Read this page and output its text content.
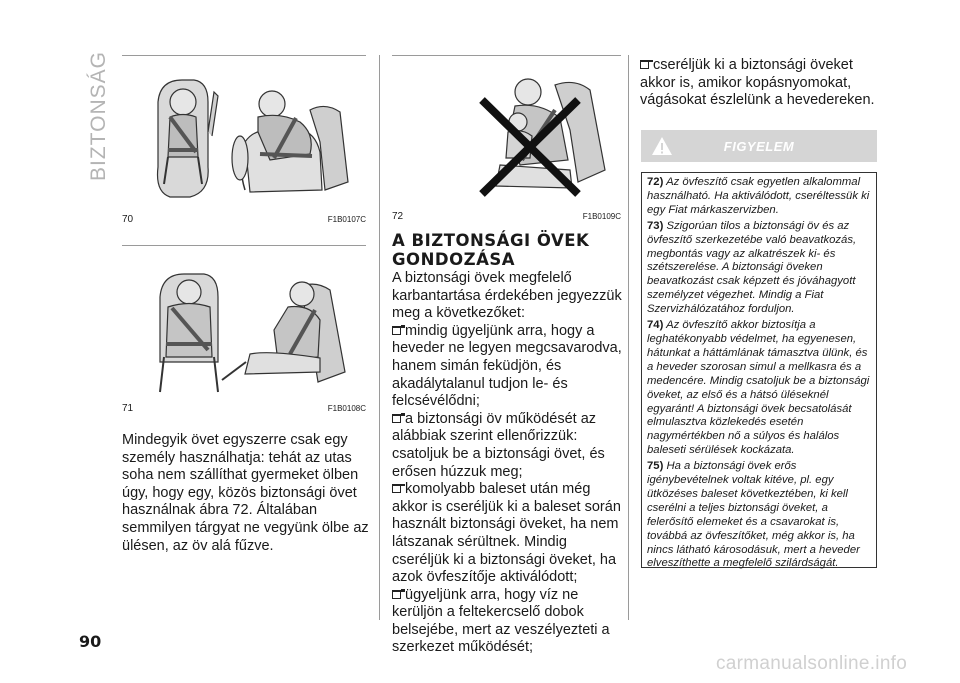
BIZTONSÁG
70	F1B0107C
71	F1B0108C

Mindegyik övet egyszerre csak egy személy használhatja: tehát az utas soha nem szállíthat gyermeket ölben úgy, hogy egy, közös biztonsági övet használnak ábra 72. Általában semmilyen tárgyat ne vegyünk ölbe az ülésen, az öv alá fűzve.

72	F1B0109C
A BIZTONSÁGI ÖVEK
GONDOZÁSA

A biztonsági övek megfelelő karbantartása érdekében jegyezzük meg a következőket:

mindig ügyeljünk arra, hogy a heveder ne legyen megcsavarodva, hanem simán feküdjön, és akadálytalanul tudjon le- és felcsévélődni;

a biztonsági öv működését az alábbiak szerint ellenőrizzük: csatoljuk be a biztonsági övet, és erősen húzzuk meg;

komolyabb baleset után még akkor is cseréljük ki a baleset során használt biztonsági öveket, ha nem látszanak sérültnek. Mindig cseréljük ki a biztonsági öveket, ha azok övfeszítője aktiválódott;

ügyeljünk arra, hogy víz ne kerüljön a feltekercselő dobok belsejébe, mert az veszélyezteti a szerkezet működését;

cseréljük ki a biztonsági öveket akkor is, amikor kopásnyomokat, vágásokat észlelünk a hevedereken.

FIGYELEM

72) Az övfeszítő csak egyetlen alkalommal használható. Ha aktiválódott, cseréltessük ki egy Fiat márkaszervizben.

73) Szigorúan tilos a biztonsági öv és az övfeszítő szerkezetébe való beavatkozás, megbontás vagy az alkatrészek ki- és szétszerelése. A biztonsági öveken beavatkozást csak képzett és jóváhagyott személyzet végezhet. Mindig a Fiat Szervizhálózatához forduljon.

74) Az övfeszítő akkor biztosítja a leghatékonyabb védelmet, ha egyenesen, hátunkat a háttámlának támasztva ülünk, és a heveder szorosan simul a mellkasra és a medencére. Mindig csatoljuk be a biztonsági öveket, az első és a hátsó üléseknél egyaránt! A biztonsági övek becsatolását elmulasztva közlekedés esetén nagymértékben nő a súlyos és halálos baleseti sérülések kockázata.

75) Ha a biztonsági övek erős igénybevételnek voltak kitéve, pl. egy ütközéses baleset következtében, ki kell cserélni a teljes biztonsági öveket, a felerősítő elemeket és a csavarokat is, továbbá az övfeszítőket, még akkor is, ha nincs látható károsodásuk, mert a heveder elveszíthette a megfelelő szilárdságát.

90
carmanualsonline.info
